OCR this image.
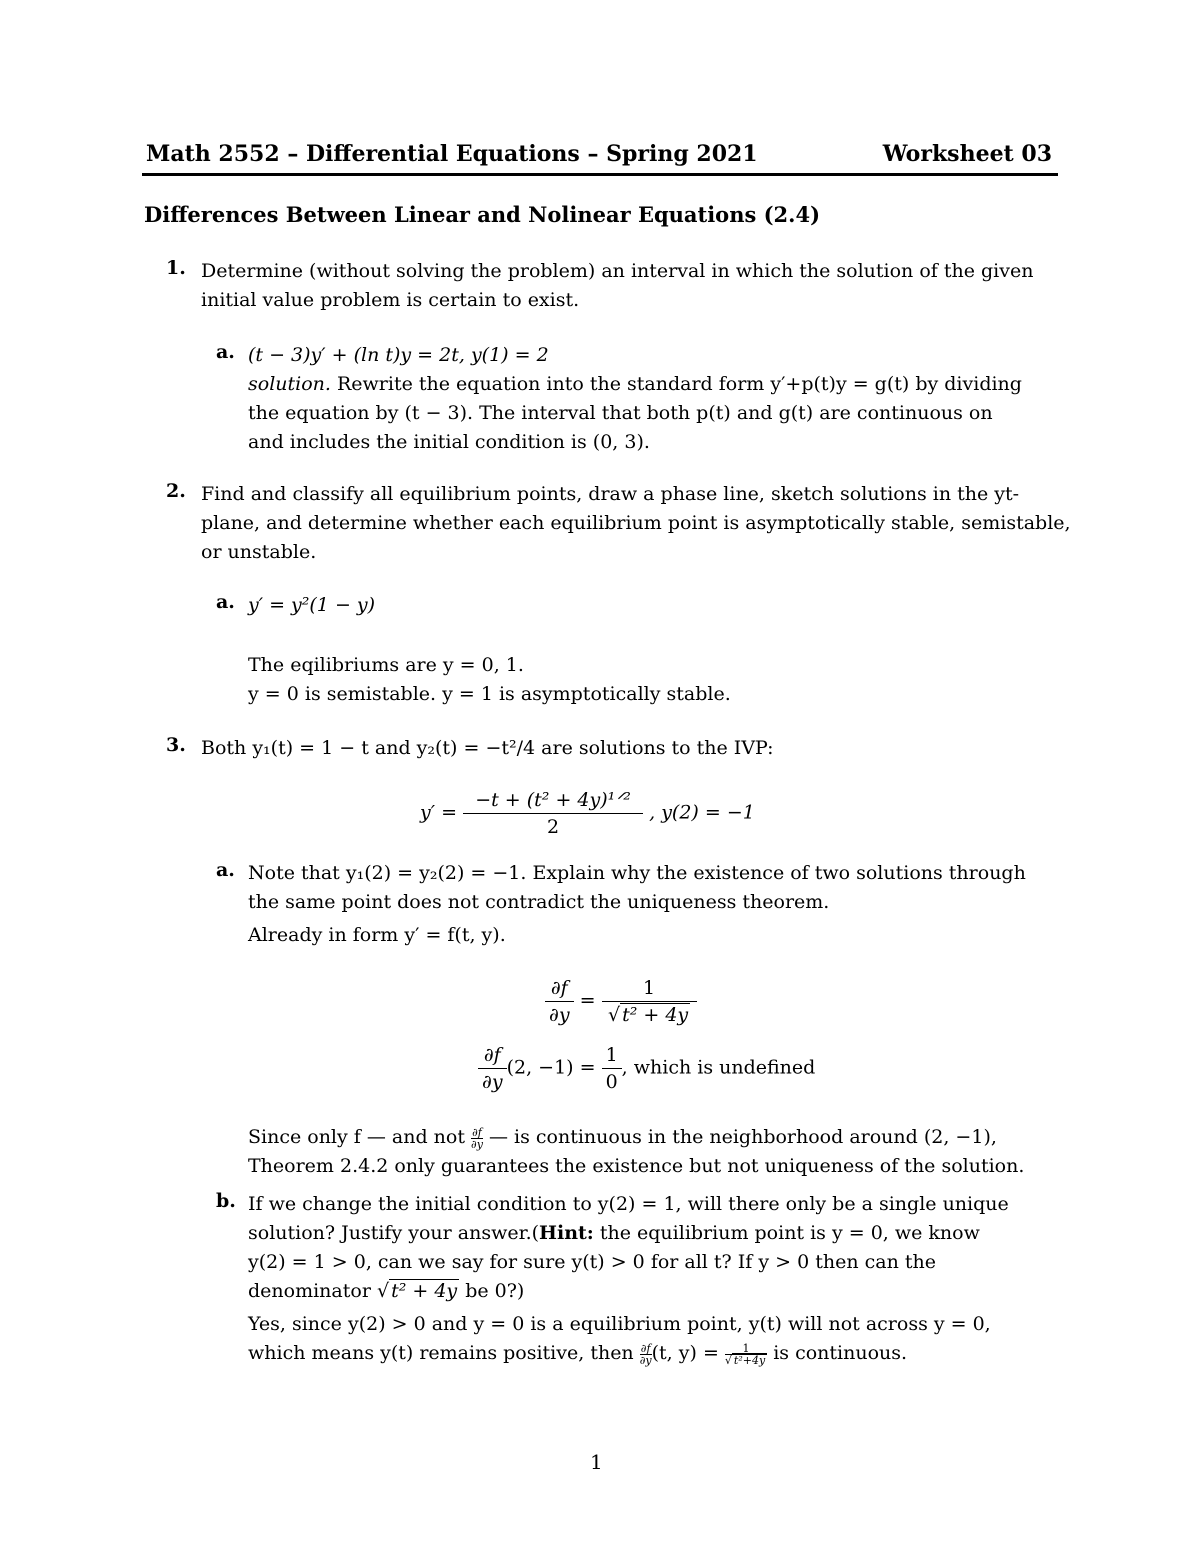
Math 2552 – Differential Equations – Spring 2021	Worksheet 03
Differences Between Linear and Nolinear Equations (2.4)
1. Determine (without solving the problem) an interval in which the solution of the given
initial value problem is certain to exist.
a. (t − 3)y′ + (ln t)y = 2t, y(1) = 2
solution. Rewrite the equation into the standard form y′+p(t)y = g(t) by dividing
the equation by (t − 3). The interval that both p(t) and g(t) are continuous on
and includes the initial condition is (0, 3).
2. Find and classify all equilibrium points, draw a phase line, sketch solutions in the yt-
plane, and determine whether each equilibrium point is asymptotically stable, semistable,
or unstable.
a. y′ = y²(1 − y)
The eqilibriums are y = 0, 1.
y = 0 is semistable. y = 1 is asymptotically stable.
3. Both y₁(t) = 1 − t and y₂(t) = −t²/4 are solutions to the IVP:
$y' = \frac{\text{−t + (t² + 4y)¹ᐟ²}}{2}$ , y(2) = −1
a. Note that y₁(2) = y₂(2) = −1. Explain why the existence of two solutions through
the same point does not contradict the uniqueness theorem.
Already in form y′ = f(t, y).
$\frac{\partial f}{\partial y} = \frac{1}{\text{√ t² + 4y}}$
$\frac{\partial f}{\partial y} (2$, $-1) = \frac{1}{0}$ , which is undefined
Since only f — and not $\frac{\partial f}{\partial y}$ — is continuous in the neighborhood around (2, −1),
Theorem 2.4.2 only guarantees the existence but not uniqueness of the solution.
b. If we change the initial condition to y(2) = 1, will there only be a single unique
solution? Justify your answer.(Hint: the equilibrium point is y = 0, we know
y(2) = 1 > 0, can we say for sure y(t) > 0 for all t? If y > 0 then can the
denominator √ t² + 4y be 0?)
Yes, since y(2) > 0 and y = 0 is a equilibrium point, y(t) will not across y = 0,
which means y(t) remains positive, then $\frac{\partial f}{\partial y} (t$, $y) = \frac{1}{\text{√ t²+4y}}$ is continuous.
1
